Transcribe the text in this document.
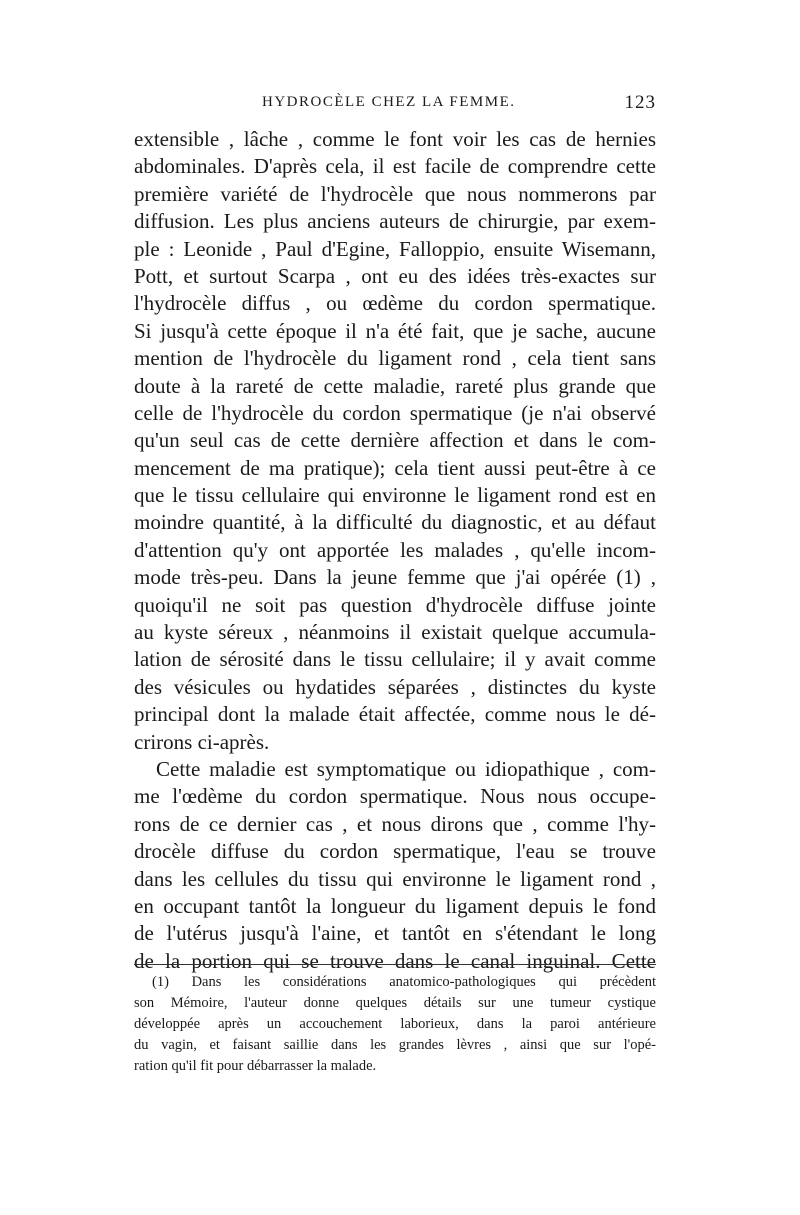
HYDROCÈLE CHEZ LA FEMME.	123
extensible , lâche , comme le font voir les cas de hernies
abdominales. D'après cela, il est facile de comprendre cette
première variété de l'hydrocèle que nous nommerons par
diffusion. Les plus anciens auteurs de chirurgie, par exem-
ple : Leonide , Paul d'Egine, Falloppio, ensuite Wisemann,
Pott, et surtout Scarpa , ont eu des idées très-exactes sur
l'hydrocèle diffus , ou œdème du cordon spermatique.
Si jusqu'à cette époque il n'a été fait, que je sache, aucune
mention de l'hydrocèle du ligament rond , cela tient sans
doute à la rareté de cette maladie, rareté plus grande que
celle de l'hydrocèle du cordon spermatique (je n'ai observé
qu'un seul cas de cette dernière affection et dans le com-
mencement de ma pratique); cela tient aussi peut-être à ce
que le tissu cellulaire qui environne le ligament rond est en
moindre quantité, à la difficulté du diagnostic, et au défaut
d'attention qu'y ont apportée les malades , qu'elle incom-
mode très-peu. Dans la jeune femme que j'ai opérée (1) ,
quoiqu'il ne soit pas question d'hydrocèle diffuse jointe
au kyste séreux , néanmoins il existait quelque accumula-
lation de sérosité dans le tissu cellulaire; il y avait comme
des vésicules ou hydatides séparées , distinctes du kyste
principal dont la malade était affectée, comme nous le dé-
crirons ci-après.
Cette maladie est symptomatique ou idiopathique , com-
me l'œdème du cordon spermatique. Nous nous occupe-
rons de ce dernier cas , et nous dirons que , comme l'hy-
drocèle diffuse du cordon spermatique, l'eau se trouve
dans les cellules du tissu qui environne le ligament rond ,
en occupant tantôt la longueur du ligament depuis le fond
de l'utérus jusqu'à l'aine, et tantôt en s'étendant le long
de la portion qui se trouve dans le canal inguinal. Cette
(1) Dans les considérations anatomico-pathologiques qui précèdent
son Mémoire, l'auteur donne quelques détails sur une tumeur cystique
développée après un accouchement laborieux, dans la paroi antérieure
du vagin, et faisant saillie dans les grandes lèvres , ainsi que sur l'opé-
ration qu'il fit pour débarrasser la malade.
